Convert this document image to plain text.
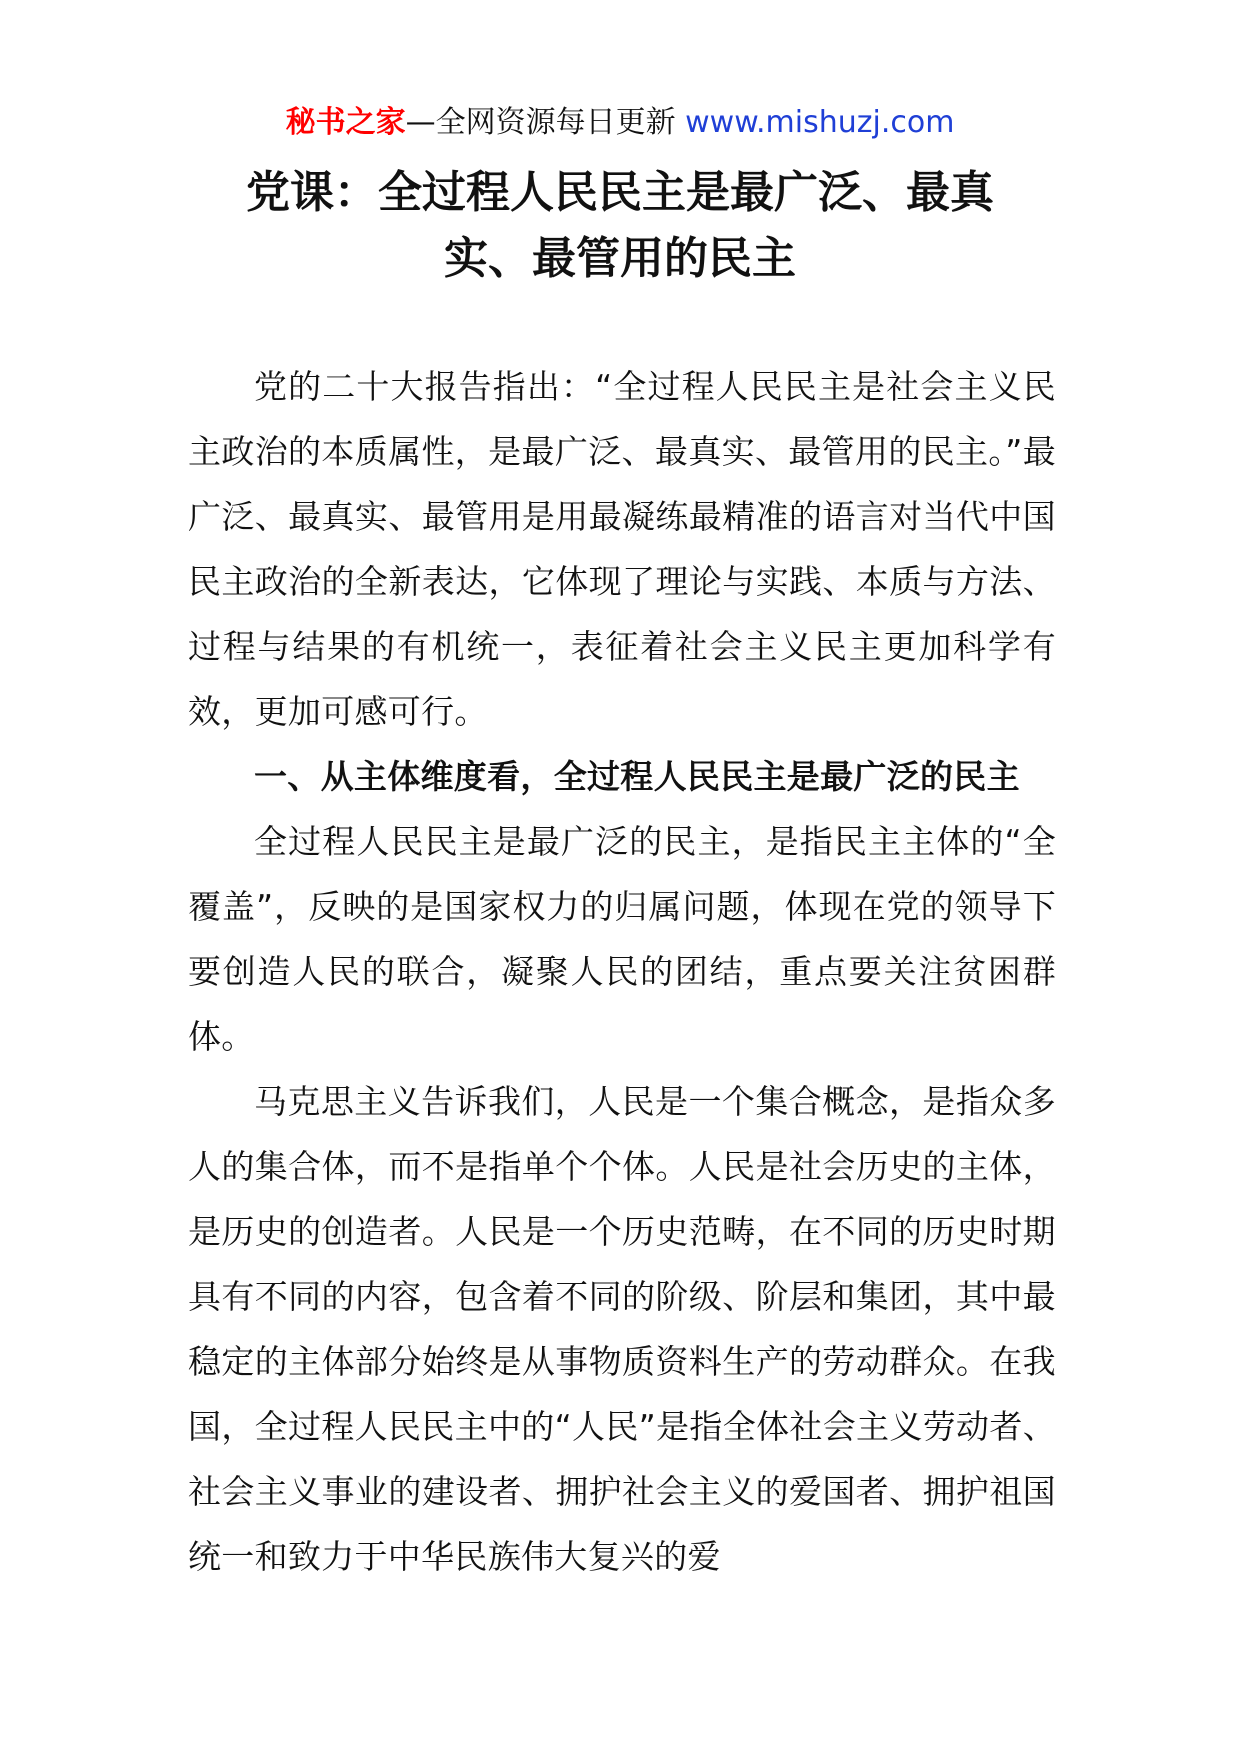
秘书之家—全网资源每日更新 www.mishuzj.com
党课：全过程人民民主是最广泛、最真
实、最管用的民主

党的二十大报告指出：“全过程人民民主是社会主义民主政治的本质属性，是最广泛、最真实、最管用的民主。”最广泛、最真实、最管用是用最凝练最精准的语言对当代中国民主政治的全新表达，它体现了理论与实践、本质与方法、过程与结果的有机统一，表征着社会主义民主更加科学有效，更加可感可行。

一、从主体维度看，全过程人民民主是最广泛的民主

全过程人民民主是最广泛的民主，是指民主主体的“全覆盖”，反映的是国家权力的归属问题，体现在党的领导下要创造人民的联合，凝聚人民的团结，重点要关注贫困群体。

马克思主义告诉我们，人民是一个集合概念，是指众多人的集合体，而不是指单个个体。人民是社会历史的主体，是历史的创造者。人民是一个历史范畴，在不同的历史时期具有不同的内容，包含着不同的阶级、阶层和集团，其中最稳定的主体部分始终是从事物质资料生产的劳动群众。在我国，全过程人民民主中的“人民”是指全体社会主义劳动者、社会主义事业的建设者、拥护社会主义的爱国者、拥护祖国统一和致力于中华民族伟大复兴的爱
